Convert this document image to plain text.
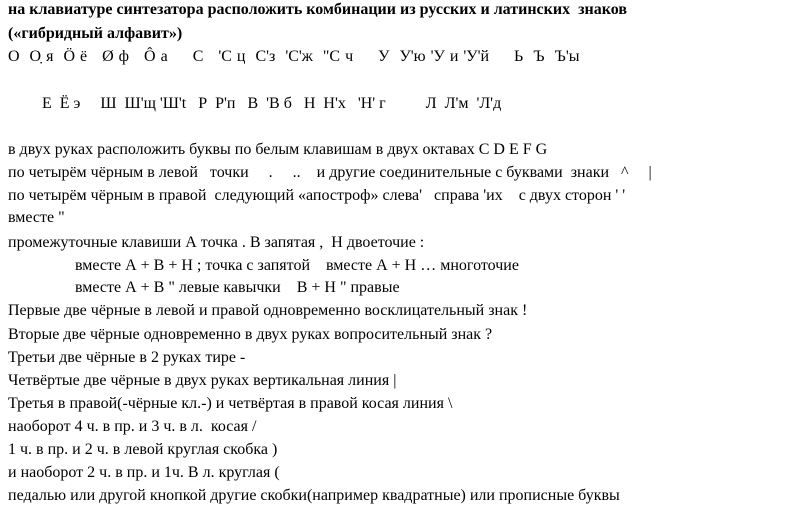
на клавиатуре синтезатора расположить комбинации из русских и латинских  знаков
(«гибридный алфавит»)
О  О̣ я  Ӧ ё   Ø ф   Ô а     С   'С ц  С'з  'С'ж  "С ч     У  У'ю 'У и 'У'й     Ь  Ъ  Ъ'ы
Е  Ё э     Ш  Ш'щ 'Ш't   Р  Р'п   В  'В б   Н  Н'х   'Н' г          Л  Л'м  'Л'д
в двух руках расположить буквы по белым клавишам в двух октавах C D E F G
по четырём чёрным в левой   точки     .     ..    и другие соединительные с буквами  знаки   ^     |
по четырём чёрным в правой  следующий «апостроф» слева'   справа 'их    с двух сторон ' '
вместе "
промежуточные клавиши А точка . В запятая ,  Н двоеточие :
вместе А + В + Н ; точка с запятой    вместе А + Н … многоточие
вместе А + В " левые кавычки    В + Н " правые
Первые две чёрные в левой и правой одновременно восклицательный знак !
Вторые две чёрные одновременно в двух руках вопросительный знак ?
Третьи две чёрные в 2 руках тире -
Четвёртые две чёрные в двух руках вертикальная линия |
Третья в правой(-чёрные кл.-) и четвёртая в правой косая линия \
наоборот 4 ч. в пр. и 3 ч. в л.  косая /
1 ч. в пр. и 2 ч. в левой круглая скобка )
и наоборот 2 ч. в пр. и 1ч. В л. круглая (
педалью или другой кнопкой другие скобки(например квадратные) или прописные буквы
